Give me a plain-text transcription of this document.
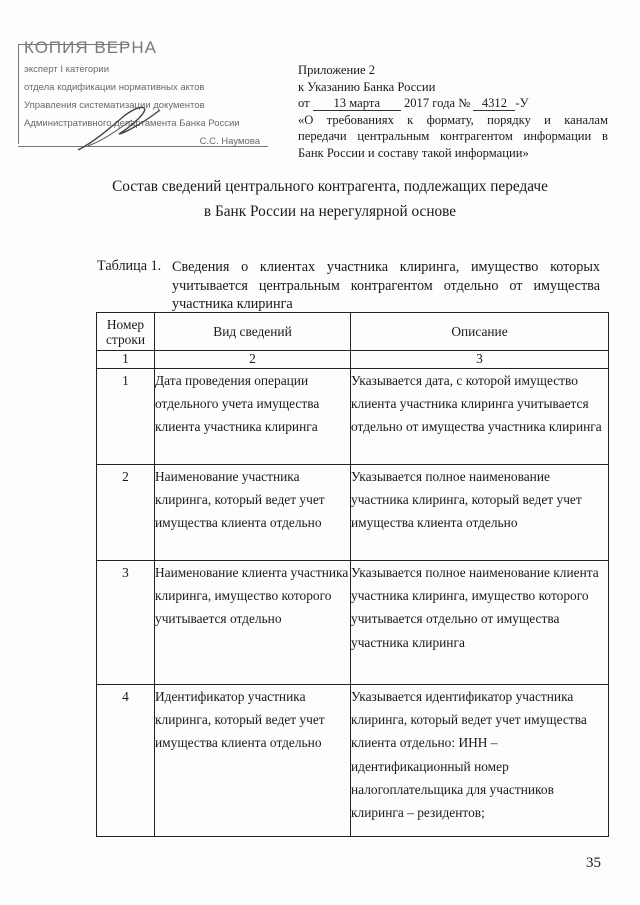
КОПИЯ ВЕРНА
эксперт I категории
отдела кодификации нормативных актов
Управления систематизации документов
Административного департамента Банка России
С.С. Наумова
Приложение 2
к Указанию Банка России
от 13 марта 2017 года № 4312 -У
«О требованиях к формату, порядку и каналам
передачи центральным контрагентом информации в
Банк России и составу такой информации»
Состав сведений центрального контрагента, подлежащих передаче
в Банк России на нерегулярной основе
Таблица 1. Сведения о клиентах участника клиринга, имущество которых
учитывается центральным контрагентом отдельно от имущества
участника клиринга
Номер строки	Вид сведений	Описание
1	2	3
1	Дата проведения операции отдельного учета имущества клиента участника клиринга	Указывается дата, с которой имущество клиента участника клиринга учитывается отдельно от имущества участника клиринга
2	Наименование участника клиринга, который ведет учет имущества клиента отдельно	Указывается полное наименование участника клиринга, который ведет учет имущества клиента отдельно
3	Наименование клиента участника клиринга, имущество которого учитывается отдельно	Указывается полное наименование клиента участника клиринга, имущество которого учитывается отдельно от имущества участника клиринга
4	Идентификатор участника клиринга, который ведет учет имущества клиента отдельно	Указывается идентификатор участника клиринга, который ведет учет имущества клиента отдельно: ИНН – идентификационный номер налогоплательщика для участников клиринга – резидентов;
35
